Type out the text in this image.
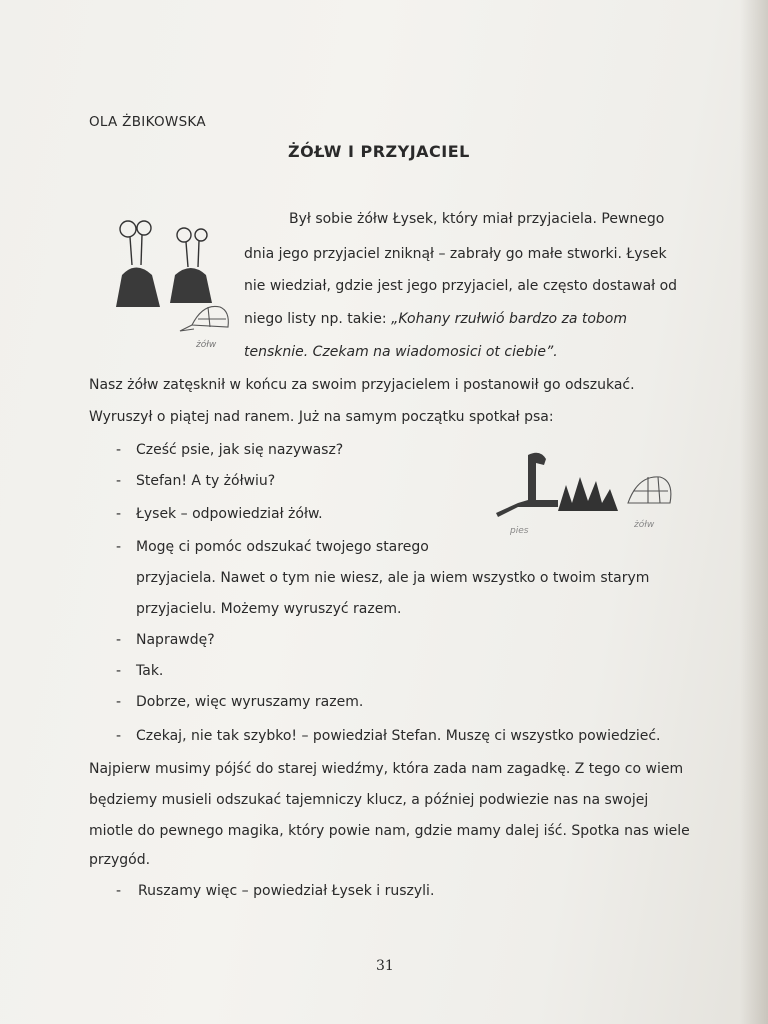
OLA ŻBIKOWSKA
ŻÓŁW I PRZYJACIEL
żółw
Był sobie żółw Łysek, który miał przyjaciela. Pewnego
dnia jego przyjaciel zniknął – zabrały go małe stworki. Łysek
nie wiedział, gdzie jest jego przyjaciel, ale często dostawał od
niego listy np. takie: „Kohany rzułwió bardzo za tobom
tensknie. Czekam na wiadomosici ot ciebie”.
Nasz żółw zatęsknił w końcu za swoim przyjacielem i postanowił go odszukać.
Wyruszył o piątej nad ranem. Już na samym początku spotkał psa:
pies
żółw
- Cześć psie, jak się nazywasz?
- Stefan! A ty żółwiu?
- Łysek – odpowiedział żółw.
- Mogę ci pomóc odszukać twojego starego
przyjaciela. Nawet o tym nie wiesz, ale ja wiem wszystko o twoim starym
przyjacielu. Możemy wyruszyć razem.
- Naprawdę?
- Tak.
- Dobrze, więc wyruszamy razem.
- Czekaj, nie tak szybko! – powiedział Stefan. Muszę ci wszystko powiedzieć.
Najpierw musimy pójść do starej wiedźmy, która zada nam zagadkę. Z tego co wiem
będziemy musieli odszukać tajemniczy klucz, a później podwiezie nas na swojej
miotle do pewnego magika, który powie nam, gdzie mamy dalej iść. Spotka nas wiele
przygód.
- Ruszamy więc – powiedział Łysek i ruszyli.
31
